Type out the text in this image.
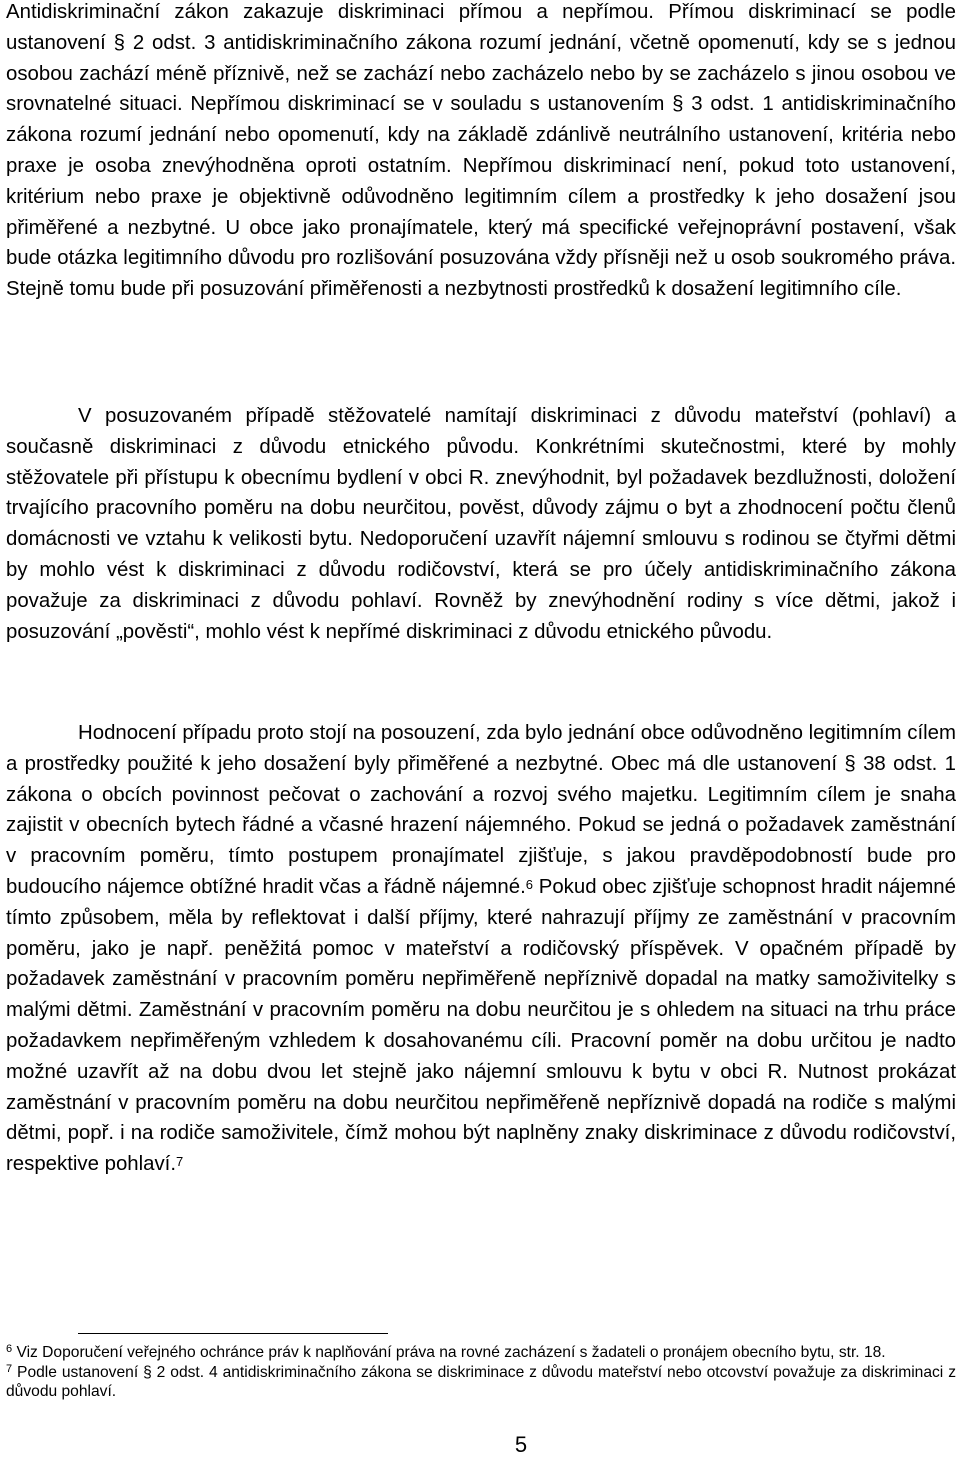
Antidiskriminační zákon zakazuje diskriminaci přímou a nepřímou. Přímou diskriminací se podle ustanovení § 2 odst. 3 antidiskriminačního zákona rozumí jednání, včetně opomenutí, kdy se s jednou osobou zachází méně příznivě, než se zachází nebo zacházelo nebo by se zacházelo s jinou osobou ve srovnatelné situaci. Nepřímou diskriminací se v souladu s ustanovením § 3 odst. 1 antidiskriminačního zákona rozumí jednání nebo opomenutí, kdy na základě zdánlivě neutrálního ustanovení, kritéria nebo praxe je osoba znevýhodněna oproti ostatním. Nepřímou diskriminací není, pokud toto ustanovení, kritérium nebo praxe je objektivně odůvodněno legitimním cílem a prostředky k jeho dosažení jsou přiměřené a nezbytné. U obce jako pronajímatele, který má specifické veřejnoprávní postavení, však bude otázka legitimního důvodu pro rozlišování posuzována vždy přísněji než u osob soukromého práva. Stejně tomu bude při posuzování přiměřenosti a nezbytnosti prostředků k dosažení legitimního cíle.

V posuzovaném případě stěžovatelé namítají diskriminaci z důvodu mateřství (pohlaví) a současně diskriminaci z důvodu etnického původu. Konkrétními skutečnostmi, které by mohly stěžovatele při přístupu k obecnímu bydlení v obci R. znevýhodnit, byl požadavek bezdlužnosti, doložení trvajícího pracovního poměru na dobu neurčitou, pověst, důvody zájmu o byt a zhodnocení počtu členů domácnosti ve vztahu k velikosti bytu. Nedoporučení uzavřít nájemní smlouvu s rodinou se čtyřmi dětmi by mohlo vést k diskriminaci z důvodu rodičovství, která se pro účely antidiskriminačního zákona považuje za diskriminaci z důvodu pohlaví. Rovněž by znevýhodnění rodiny s více dětmi, jakož i posuzování „pověsti“, mohlo vést k nepřímé diskriminaci z důvodu etnického původu.

Hodnocení případu proto stojí na posouzení, zda bylo jednání obce odůvodněno legitimním cílem a prostředky použité k jeho dosažení byly přiměřené a nezbytné. Obec má dle ustanovení § 38 odst. 1 zákona o obcích povinnost pečovat o zachování a rozvoj svého majetku. Legitimním cílem je snaha zajistit v obecních bytech řádné a včasné hrazení nájemného. Pokud se jedná o požadavek zaměstnání v pracovním poměru, tímto postupem pronajímatel zjišťuje, s jakou pravděpodobností bude pro budoucího nájemce obtížné hradit včas a řádně nájemné.$^6$ Pokud obec zjišťuje schopnost hradit nájemné tímto způsobem, měla by reflektovat i další příjmy, které nahrazují příjmy ze zaměstnání v pracovním poměru, jako je např. peněžitá pomoc v mateřství a rodičovský příspěvek. V opačném případě by požadavek zaměstnání v pracovním poměru nepřiměřeně nepříznivě dopadal na matky samoživitelky s malými dětmi. Zaměstnání v pracovním poměru na dobu neurčitou je s ohledem na situaci na trhu práce požadavkem nepřiměřeným vzhledem k dosahovanému cíli. Pracovní poměr na dobu určitou je nadto možné uzavřít až na dobu dvou let stejně jako nájemní smlouvu k bytu v obci R. Nutnost prokázat zaměstnání v pracovním poměru na dobu neurčitou nepřiměřeně nepříznivě dopadá na rodiče s malými dětmi, popř. i na rodiče samoživitele, čímž mohou být naplněny znaky diskriminace z důvodu rodičovství, respektive pohlaví.$^7$

$^6$ Viz Doporučení veřejného ochránce práv k naplňování práva na rovné zacházení s žadateli o pronájem obecního bytu, str. 18.

$^7$ Podle ustanovení § 2 odst. 4 antidiskriminačního zákona se diskriminace z důvodu mateřství nebo otcovství považuje za diskriminaci z důvodu pohlaví.

5
